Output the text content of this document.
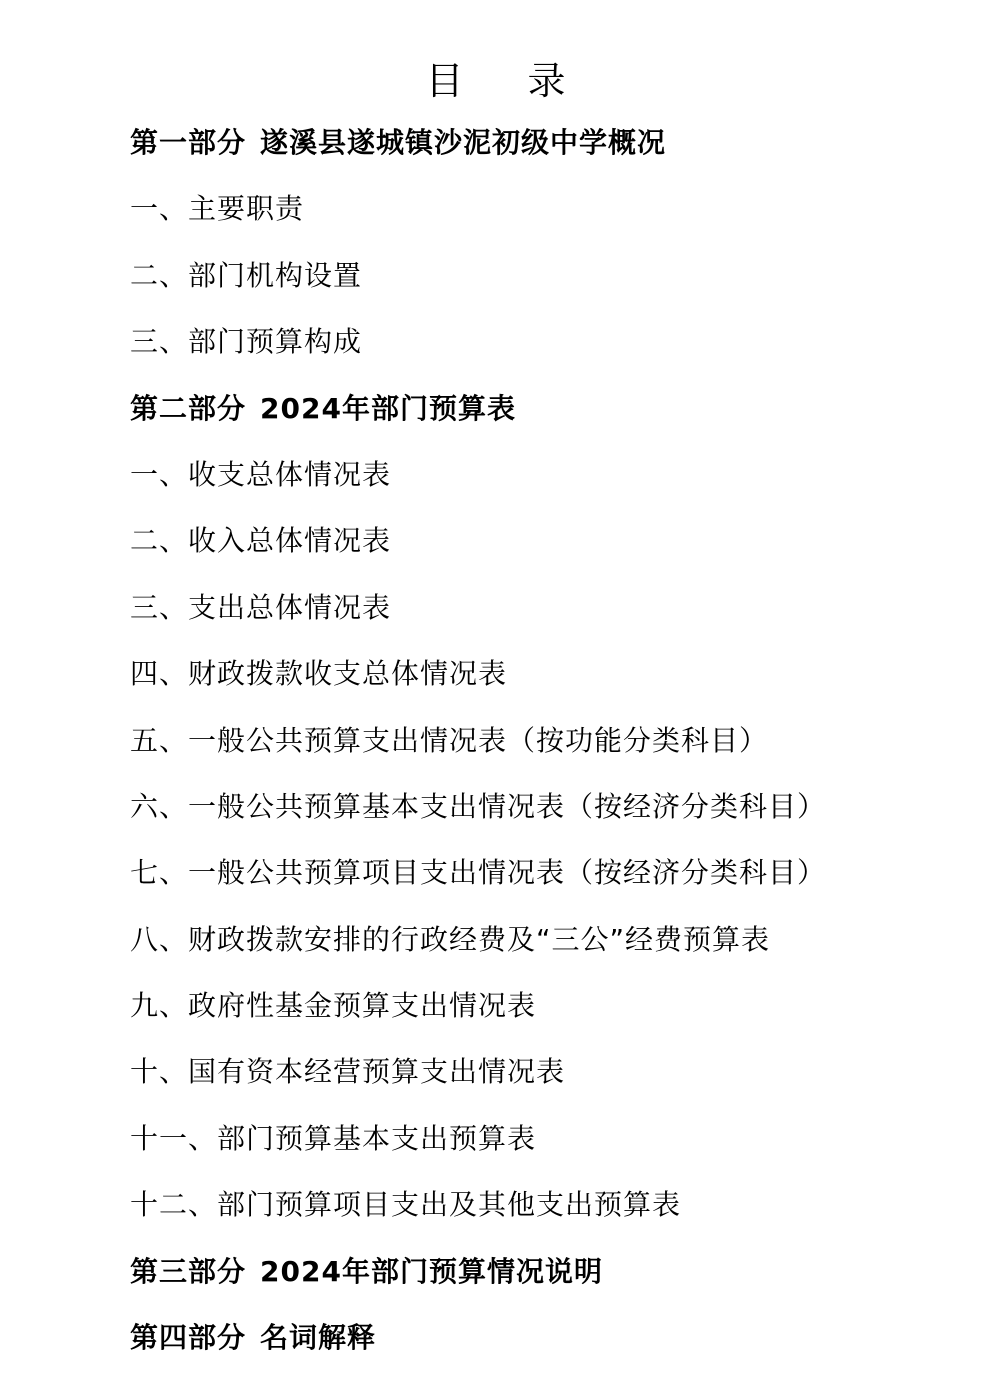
目 录
第一部分 遂溪县遂城镇沙泥初级中学概况
一、主要职责
二、部门机构设置
三、部门预算构成
第二部分 2024年部门预算表
一、收支总体情况表
二、收入总体情况表
三、支出总体情况表
四、财政拨款收支总体情况表
五、一般公共预算支出情况表（按功能分类科目）
六、一般公共预算基本支出情况表（按经济分类科目）
七、一般公共预算项目支出情况表（按经济分类科目）
八、财政拨款安排的行政经费及“三公”经费预算表
九、政府性基金预算支出情况表
十、国有资本经营预算支出情况表
十一、部门预算基本支出预算表
十二、部门预算项目支出及其他支出预算表
第三部分 2024年部门预算情况说明
第四部分 名词解释
